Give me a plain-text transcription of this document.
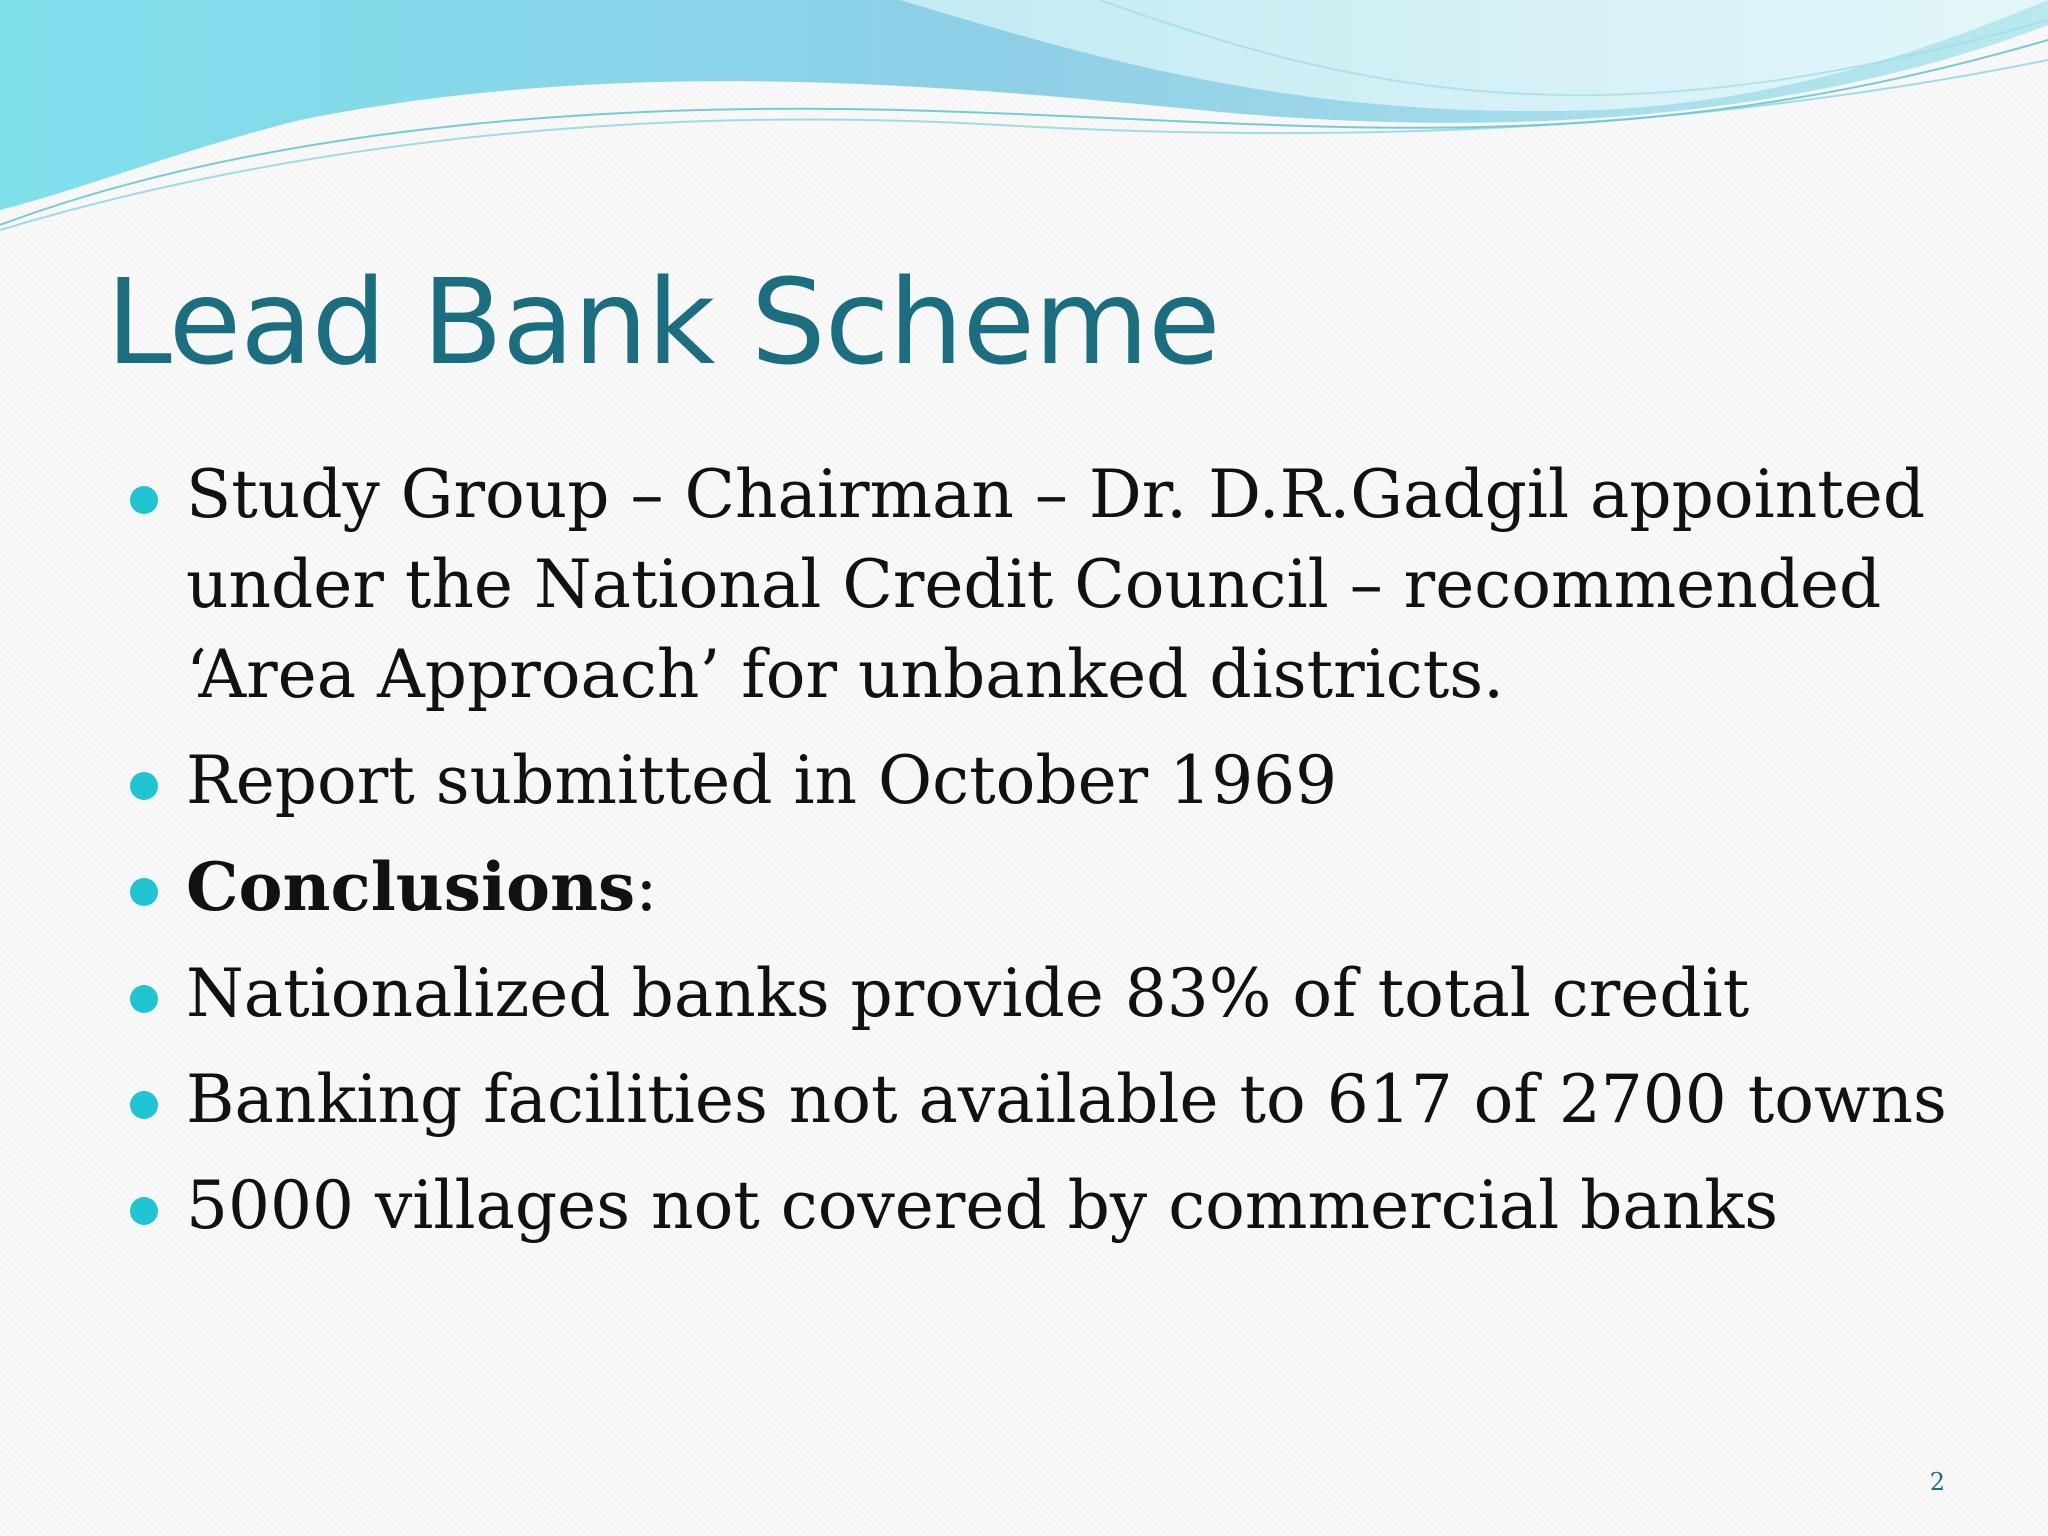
Lead Bank Scheme
Study Group – Chairman – Dr. D.R.Gadgil appointed under the National Credit Council – recommended ‘Area Approach’ for unbanked districts.
Report submitted in October 1969
Conclusions:
Nationalized banks provide 83% of total credit
Banking facilities not available to 617 of 2700 towns
5000 villages not covered by commercial banks
2
